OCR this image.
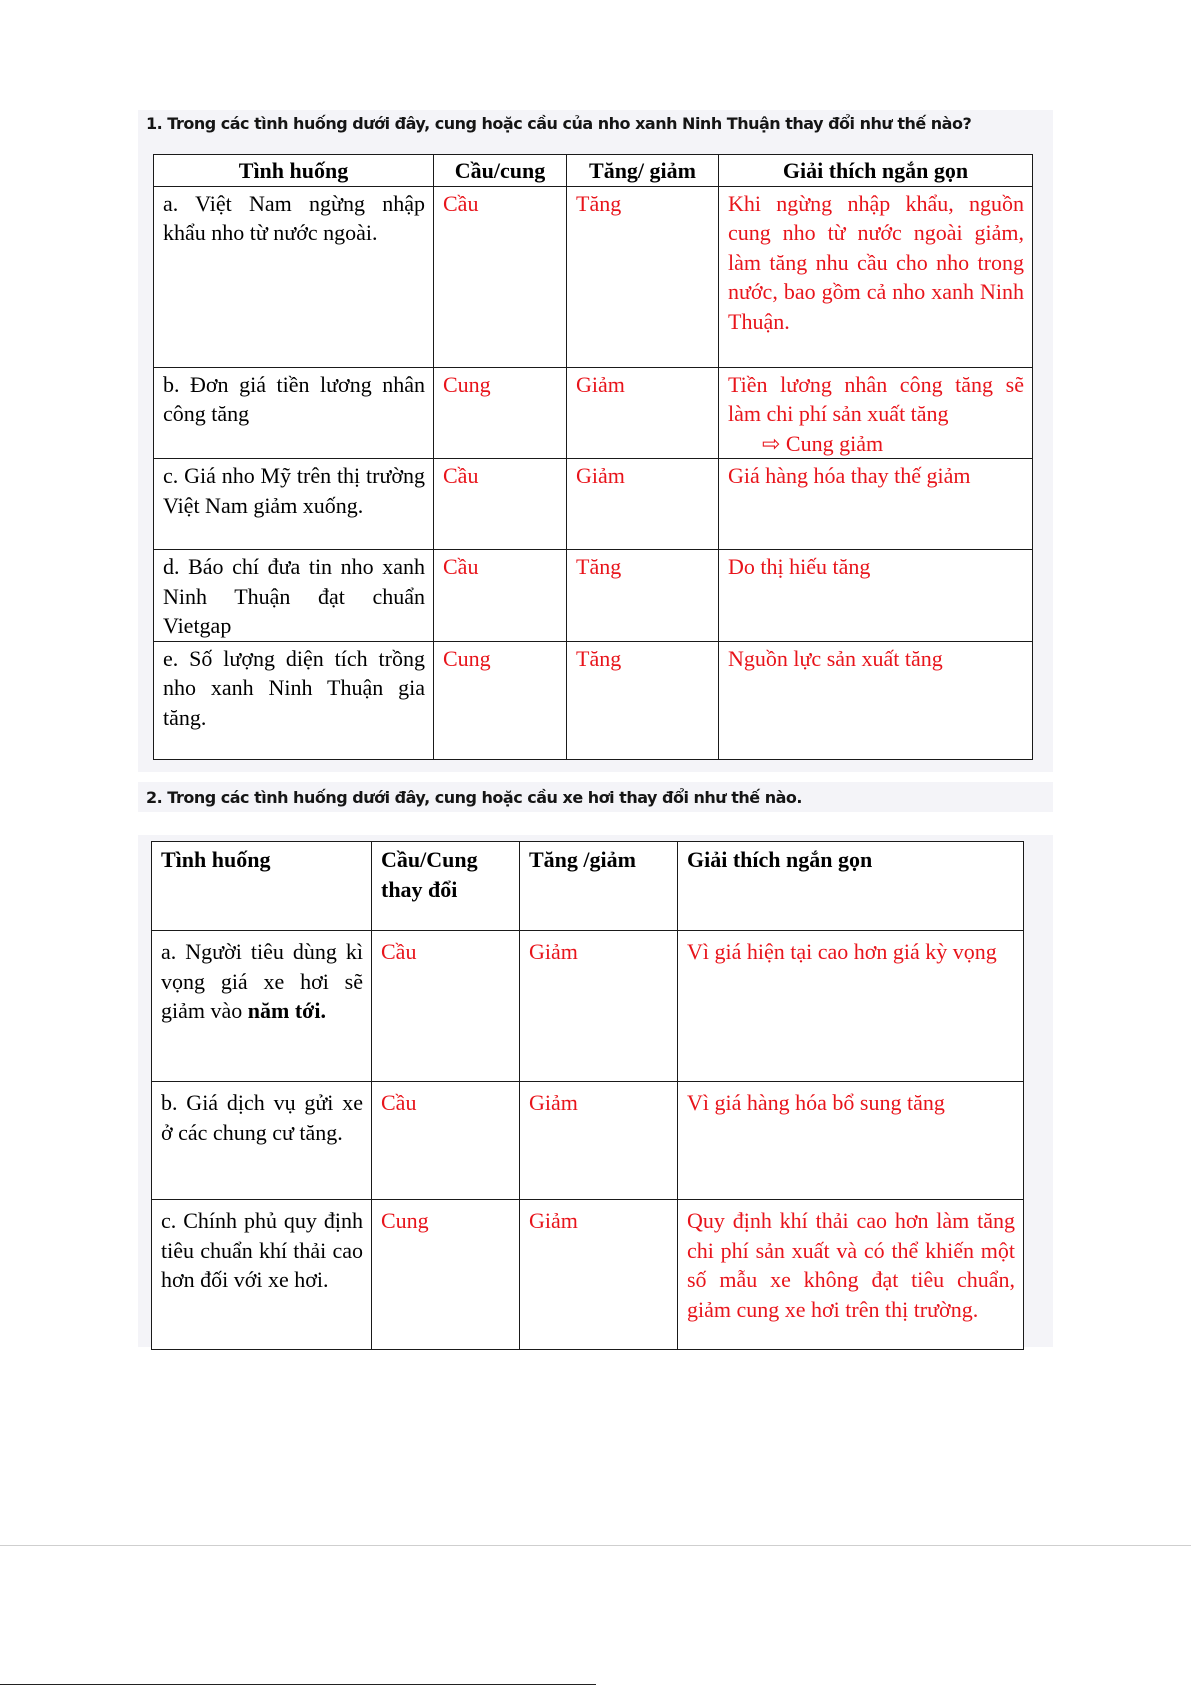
1. Trong các tình huống dưới đây, cung hoặc cầu của nho xanh Ninh Thuận thay đổi như thế nào?
Tình huống	Cầu/cung	Tăng/ giảm	Giải thích ngắn gọn
a. Việt Nam ngừng nhập khẩu nho từ nước ngoài.	Cầu	Tăng	Khi ngừng nhập khẩu, nguồn cung nho từ nước ngoài giảm, làm tăng nhu cầu cho nho trong nước, bao gồm cả nho xanh Ninh Thuận.
b. Đơn giá tiền lương nhân công tăng	Cung	Giảm	Tiền lương nhân công tăng sẽ làm chi phí sản xuất tăng
⇨ Cung giảm

c. Giá nho Mỹ trên thị trường Việt Nam giảm xuống.	Cầu	Giảm	Giá hàng hóa thay thế giảm
d. Báo chí đưa tin nho xanh Ninh Thuận đạt chuẩn Vietgap	Cầu	Tăng	Do thị hiếu tăng
e. Số lượng diện tích trồng nho xanh Ninh Thuận gia tăng.	Cung	Tăng	Nguồn lực sản xuất tăng
2. Trong các tình huống dưới đây, cung hoặc cầu xe hơi thay đổi như thế nào.
Tình huống	Cầu/Cung thay đổi	Tăng /giảm	Giải thích ngắn gọn
a. Người tiêu dùng kì vọng giá xe hơi sẽ giảm vào năm tới.	Cầu	Giảm	Vì giá hiện tại cao hơn giá kỳ vọng
b. Giá dịch vụ gửi xe ở các chung cư tăng.	Cầu	Giảm	Vì giá hàng hóa bổ sung tăng
c. Chính phủ quy định tiêu chuẩn khí thải cao hơn đối với xe hơi.	Cung	Giảm	Quy định khí thải cao hơn làm tăng chi phí sản xuất và có thể khiến một số mẫu xe không đạt tiêu chuẩn, giảm cung xe hơi trên thị trường.
